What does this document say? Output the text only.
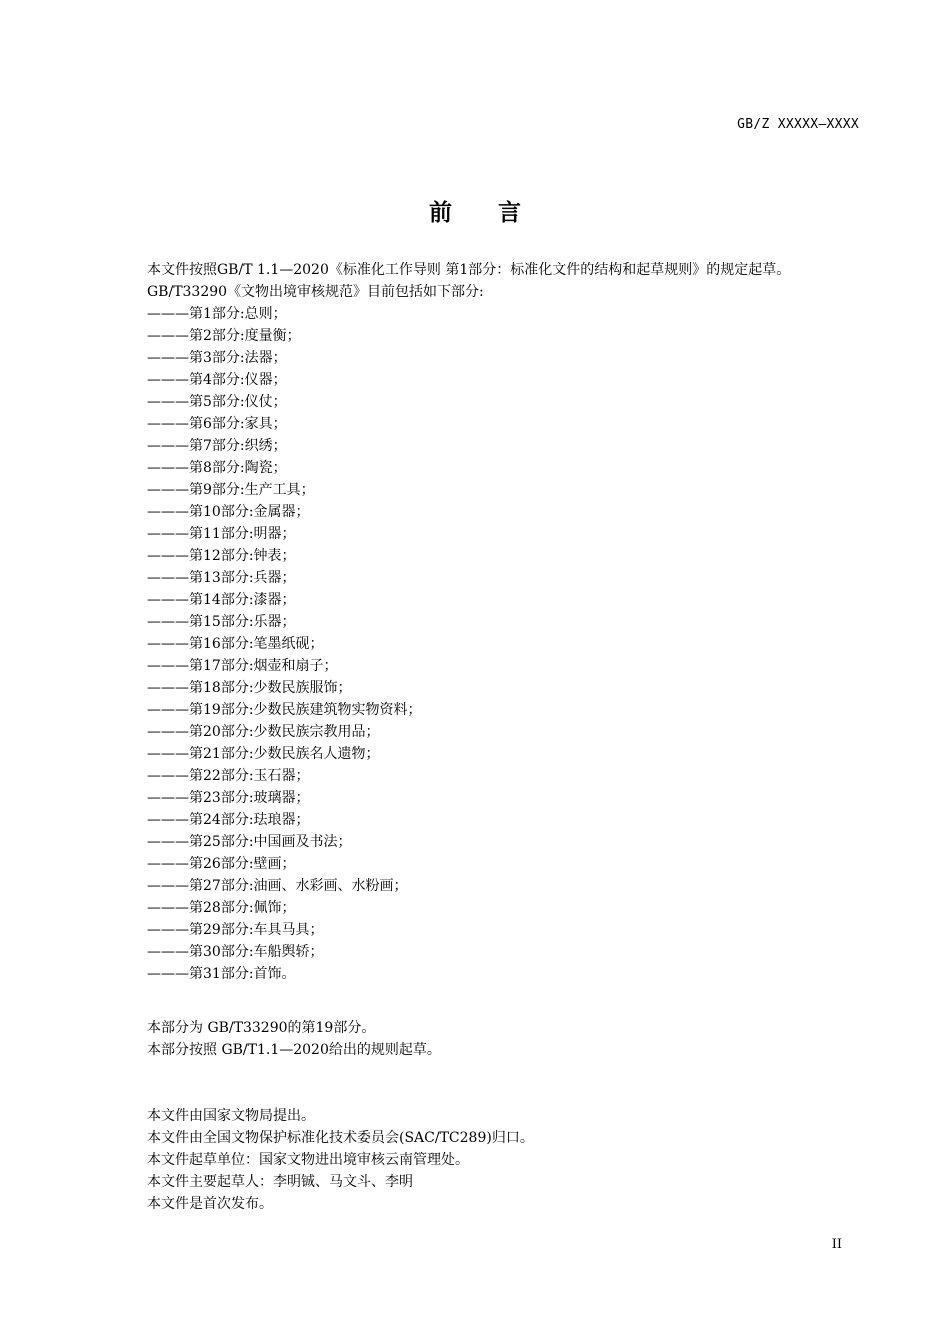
GB/Z XXXXX—XXXX
前言

本文件按照GB/T 1.1—2020《标准化工作导则 第1部分：标准化文件的结构和起草规则》的规定起草。

GB/T33290《文物出境审核规范》目前包括如下部分:

———第1部分:总则；
———第2部分:度量衡；
———第3部分:法器；
———第4部分:仪器；
———第5部分:仪仗；
———第6部分:家具；
———第7部分:织绣；
———第8部分:陶瓷；
———第9部分:生产工具；
———第10部分:金属器；
———第11部分:明器；
———第12部分:钟表；
———第13部分:兵器；
———第14部分:漆器；
———第15部分:乐器；
———第16部分:笔墨纸砚；
———第17部分:烟壶和扇子；
———第18部分:少数民族服饰；
———第19部分:少数民族建筑物实物资料；
———第20部分:少数民族宗教用品；
———第21部分:少数民族名人遗物；
———第22部分:玉石器；
———第23部分:玻璃器；
———第24部分:珐琅器；
———第25部分:中国画及书法；
———第26部分:壁画；
———第27部分:油画、水彩画、水粉画；
———第28部分:佩饰；
———第29部分:车具马具；
———第30部分:车船舆轿；
———第31部分:首饰。
本部分为 GB/T33290的第19部分。
本部分按照 GB/T1.1—2020给出的规则起草。
本文件由国家文物局提出。
本文件由全国文物保护标准化技术委员会(SAC/TC289)归口。
本文件起草单位：国家文物进出境审核云南管理处。
本文件主要起草人：李明铖、马文斗、李明
本文件是首次发布。
II
